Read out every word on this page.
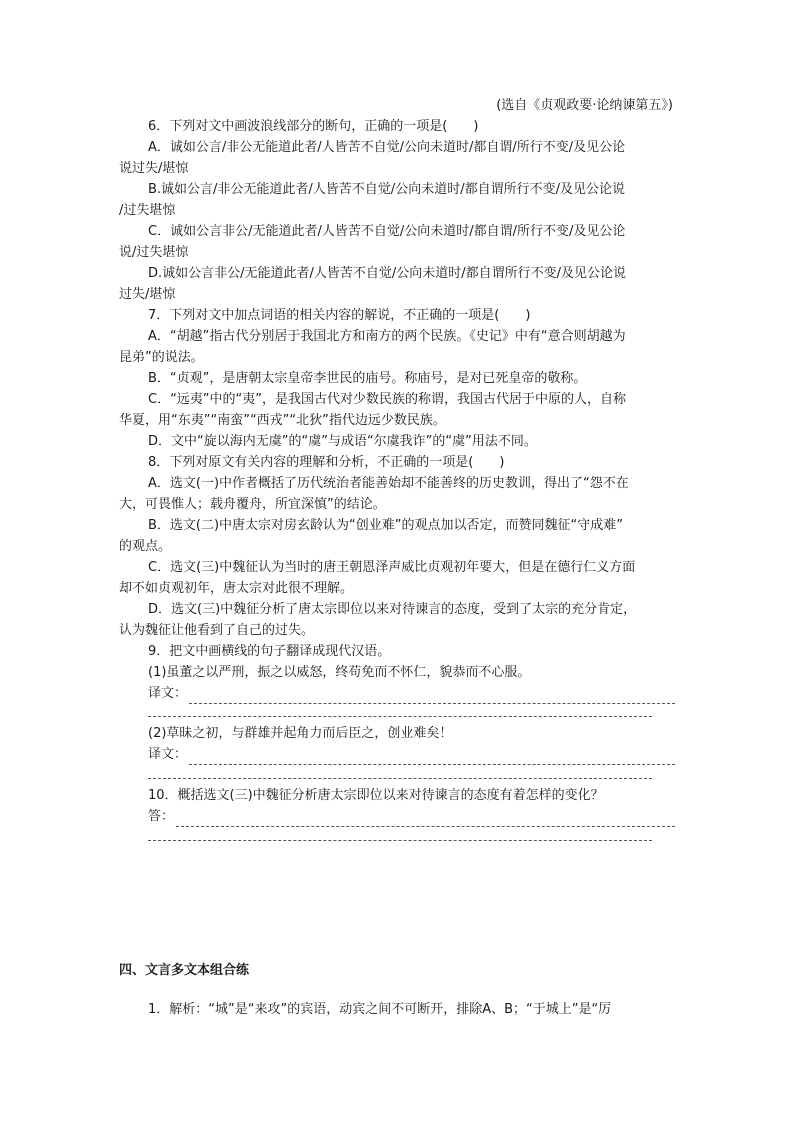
(选自《贞观政要·论纳谏第五》)
6．下列对文中画波浪线部分的断句，正确的一项是(　　)
A．诚如公言/非公无能道此者/人皆苦不自觉/公向未道时/都自谓/所行不变/及见公论
说过失/堪惊
B.诚如公言/非公无能道此者/人皆苦不自觉/公向未道时/都自谓所行不变/及见公论说
/过失堪惊
C．诚如公言非公/无能道此者/人皆苦不自觉/公向未道时/都自谓/所行不变/及见公论
说/过失堪惊
D.诚如公言非公/无能道此者/人皆苦不自觉/公向未道时/都自谓所行不变/及见公论说
过失/堪惊
7．下列对文中加点词语的相关内容的解说，不正确的一项是(　　)
A．“胡越”指古代分别居于我国北方和南方的两个民族。《史记》中有“意合则胡越为
昆弟”的说法。
B．“贞观”，是唐朝太宗皇帝李世民的庙号。称庙号，是对已死皇帝的敬称。
C．“远夷”中的“夷”，是我国古代对少数民族的称谓，我国古代居于中原的人，自称
华夏，用“东夷”“南蛮”“西戎”“北狄”指代边远少数民族。
D．文中“旋以海内无虞”的“虞”与成语“尔虞我诈”的“虞”用法不同。
8．下列对原文有关内容的理解和分析，不正确的一项是(　　)
A．选文(一)中作者概括了历代统治者能善始却不能善终的历史教训，得出了“怨不在
大，可畏惟人；载舟覆舟，所宜深慎”的结论。
B．选文(二)中唐太宗对房玄龄认为“创业难”的观点加以否定，而赞同魏征“守成难”
的观点。
C．选文(三)中魏征认为当时的唐王朝恩泽声威比贞观初年要大，但是在德行仁义方面
却不如贞观初年，唐太宗对此很不理解。
D．选文(三)中魏征分析了唐太宗即位以来对待谏言的态度，受到了太宗的充分肯定，
认为魏征让他看到了自己的过失。
9．把文中画横线的句子翻译成现代汉语。
(1)虽董之以严刑，振之以威怒，终苟免而不怀仁，貌恭而不心服。
译文：
(2)草昧之初，与群雄并起角力而后臣之，创业难矣！
译文：
10．概括选文(三)中魏征分析唐太宗即位以来对待谏言的态度有着怎样的变化？
答：
四、文言多文本组合练
1．解析：“城”是“来攻”的宾语，动宾之间不可断开，排除A、B；“于城上”是“厉
